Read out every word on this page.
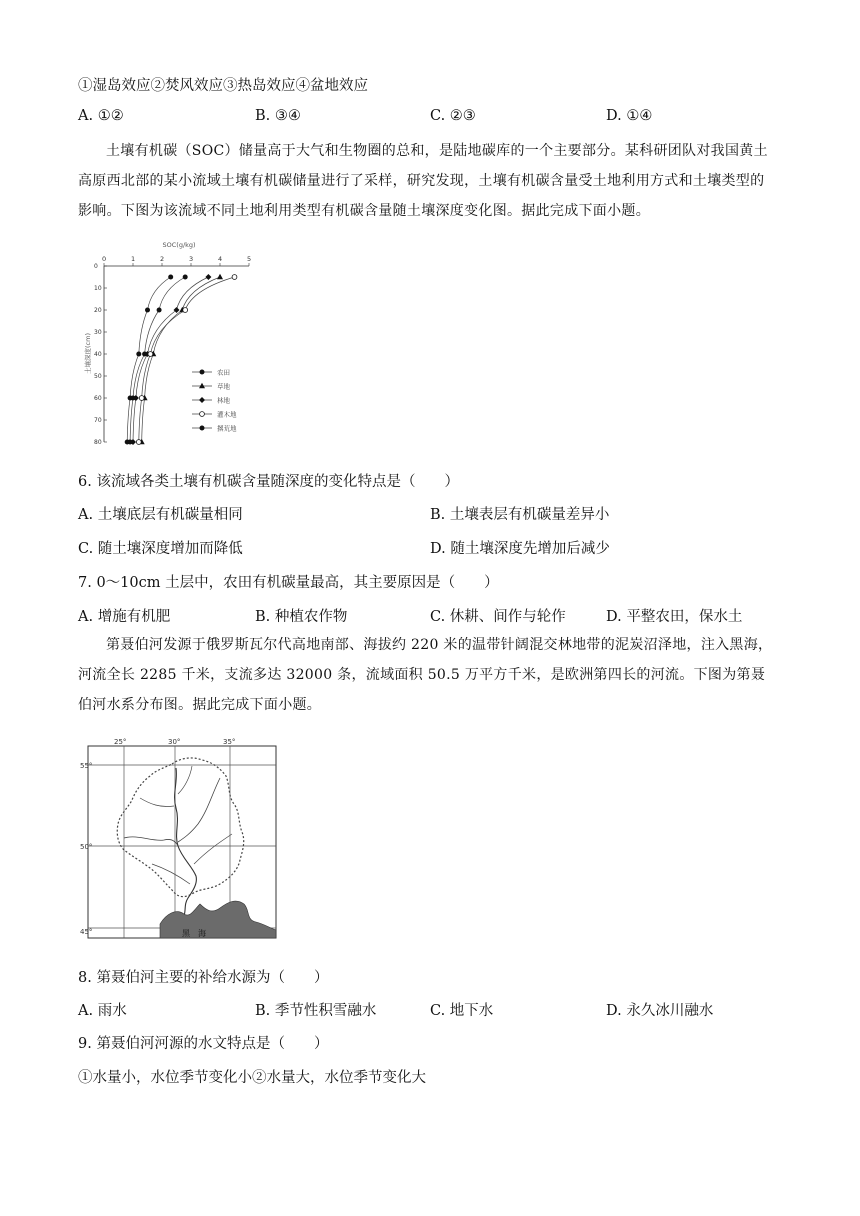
①湿岛效应②焚风效应③热岛效应④盆地效应
A. ①②	B. ③④	C. ②③	D. ①④
土壤有机碳（SOC）储量高于大气和生物圈的总和，是陆地碳库的一个主要部分。某科研团队对我国黄土高原西北部的某小流域土壤有机碳储量进行了采样，研究发现，土壤有机碳含量受土地利用方式和土壤类型的影响。下图为该流域不同土地利用类型有机碳含量随土壤深度变化图。据此完成下面小题。
SOC(g/kg)
土壤深度(cm)
0	1	2	3	4	5
0
10
20
30
40
50
60
70
80
农田
草地
林地
灌木地
撂荒地
6. 该流域各类土壤有机碳含量随深度的变化特点是（　　）
A. 土壤底层有机碳量相同	B. 土壤表层有机碳量差异小
C. 随土壤深度增加而降低	D. 随土壤深度先增加后减少
7. 0～10cm 土层中，农田有机碳量最高，其主要原因是（　　）
A. 增施有机肥	B. 种植农作物	C. 休耕、间作与轮作	D. 平整农田，保水土
第聂伯河发源于俄罗斯瓦尔代高地南部、海拔约 220 米的温带针阔混交林地带的泥炭沼泽地，注入黑海，河流全长 2285 千米，支流多达 32000 条，流域面积 50.5 万平方千米，是欧洲第四长的河流。下图为第聂伯河水系分布图。据此完成下面小题。
25°	30°	35°
55°
50°
45°	黑　海
8. 第聂伯河主要的补给水源为（　　）
A. 雨水	B. 季节性积雪融水	C. 地下水	D. 永久冰川融水
9. 第聂伯河河源的水文特点是（　　）
①水量小，水位季节变化小②水量大，水位季节变化大
